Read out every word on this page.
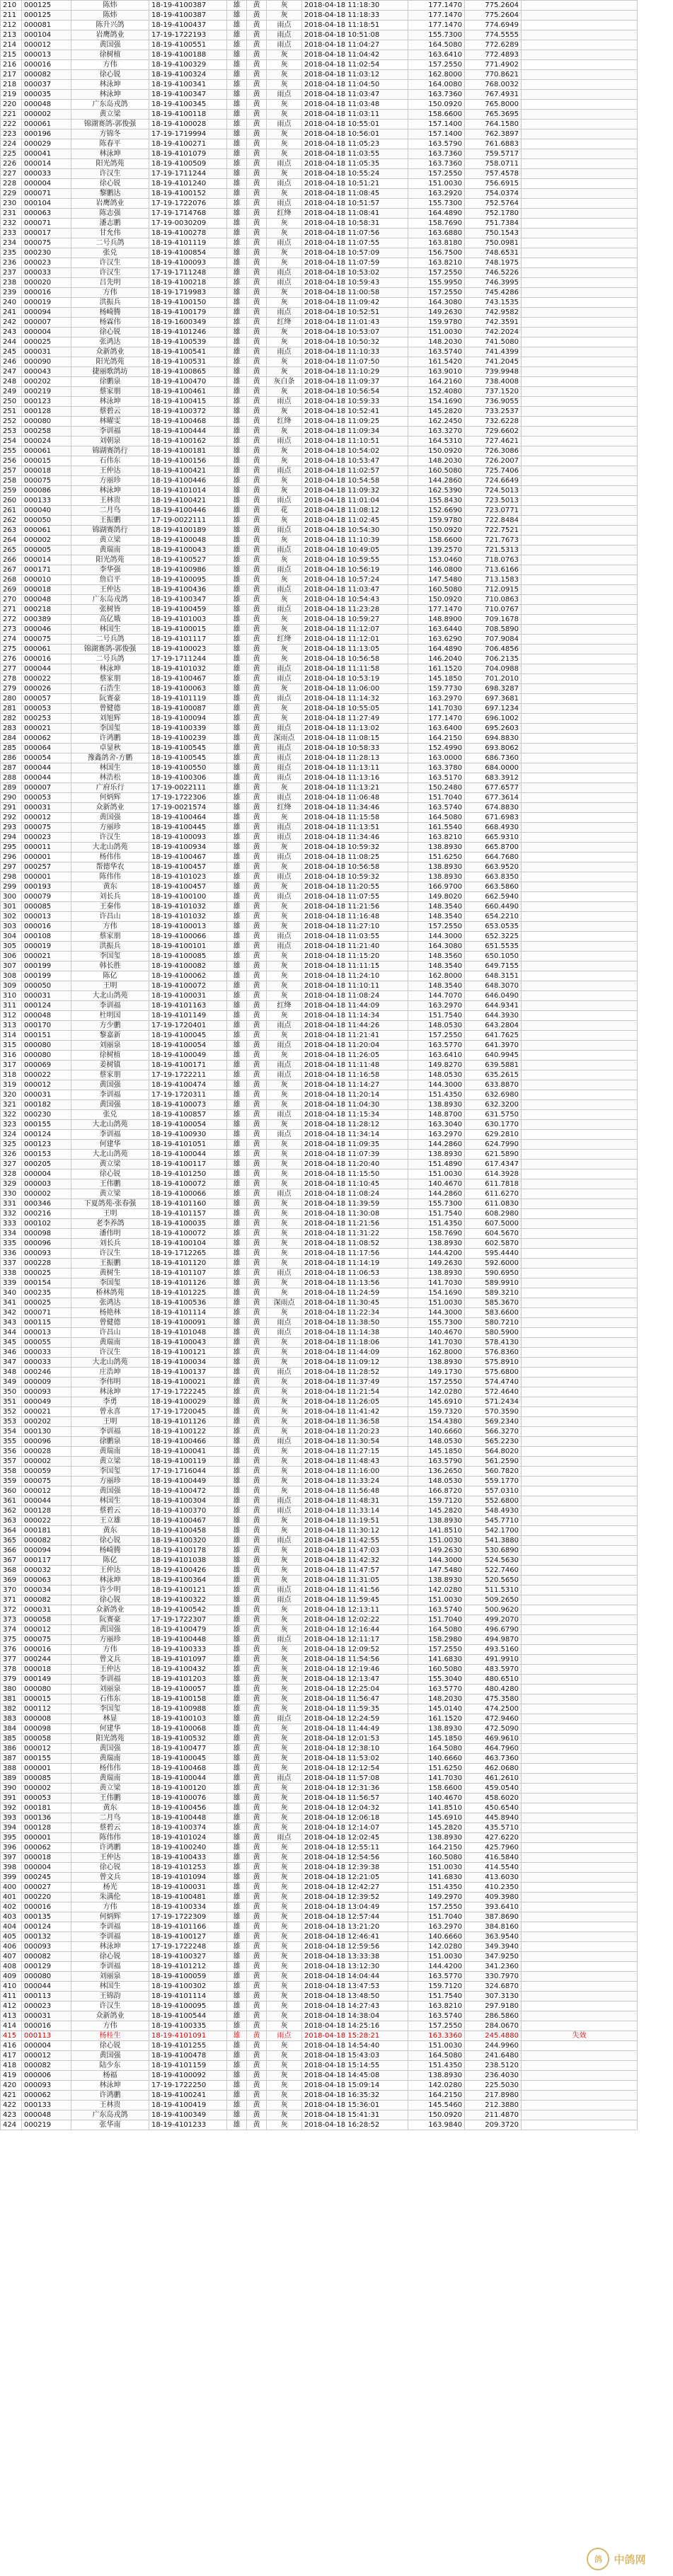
210	000125	陈炜	18-19-4100387	雄	黄	灰	2018-04-18 11:18:30	177.1470	775.2604	
211	000125	陈炜	18-19-4100387	雄	黄	灰	2018-04-18 11:18:33	177.1470	775.2604	
212	000081	陈升兴鸽	18-19-4100437	雄	黄	雨点	2018-04-18 11:18:51	177.1470	774.6949	
213	000104	岩鹰鸽业	17-19-1722193	雄	黄	雨点	2018-04-18 10:51:08	155.7300	774.5555	
214	000012	黄国强	18-19-4100551	雄	黄	雨点	2018-04-18 11:04:27	164.5080	772.6289	
215	000013	徐树植	18-19-4100188	雄	黄	灰	2018-04-18 11:04:42	163.6410	772.4893	
216	000016	方伟	18-19-4100329	雄	黄	灰	2018-04-18 11:02:54	157.2550	771.4902	
217	000082	徐心锐	18-19-4100324	雄	黄	灰	2018-04-18 11:03:12	162.8000	770.8621	
218	000037	林泳坤	18-19-4100341	雄	黄	灰	2018-04-18 11:04:50	164.0080	768.0032	
219	000035	林泳坤	18-19-4100347	雄	黄	雨点	2018-04-18 11:03:47	163.7360	767.4931	
220	000048	广东岛戎鸽	18-19-4100345	雄	黄	灰	2018-04-18 11:03:48	150.0920	765.8000	
221	000002	黄立梁	18-19-4100118	雄	黄	灰	2018-04-18 11:03:11	158.6600	765.3695	
222	000061	锦湖赛鸽-郭俊强	18-19-4100028	雄	黄	雨点	2018-04-18 10:55:01	157.1400	764.1580	
223	000196	方锦冬	17-19-1719994	雄	黄	灰	2018-04-18 10:56:01	157.1400	762.3897	
224	000029	陈春平	18-19-4100271	雄	黄	灰	2018-04-18 11:05:23	163.5790	761.6883	
225	000041	林泳坤	18-19-4101079	雄	黄	灰	2018-04-18 11:03:55	163.7360	759.5717	
226	000014	阳光鸽苑	18-19-4100509	雄	黄	雨点	2018-04-18 11:05:35	163.7360	758.0711	
227	000033	许汉生	17-19-1711244	雄	黄	灰	2018-04-18 10:55:24	157.2550	757.4578	
228	000004	徐心锐	18-19-4101240	雄	黄	雨点	2018-04-18 10:51:21	151.0030	756.6915	
229	000071	黎鹏达	18-19-4100152	雄	黄	灰	2018-04-18 11:08:45	163.2920	754.0374	
230	000104	岩鹰鸽业	17-19-1722076	雄	黄	雨点	2018-04-18 10:51:57	155.7300	752.5764	
231	000063	陈志强	17-19-1714768	雄	黄	红绛	2018-04-18 11:08:41	164.4890	752.1780	
232	000071	潘志鹏	17-19-0030209	雄	黄	灰	2018-04-18 10:58:31	158.7690	751.7384	
233	000017	甘允伟	18-19-4100278	雄	黄	灰	2018-04-18 11:07:56	163.6880	750.1543	
234	000075	二号兵鸽	18-19-4101119	雄	黄	雨点	2018-04-18 11:07:55	163.8180	750.0981	
235	000230	张兑	18-19-4100854	雄	黄	灰	2018-04-18 10:57:09	156.7500	748.6531	
236	000023	许汉生	18-19-4100093	雄	黄	灰	2018-04-18 11:07:59	163.8210	748.1975	
237	000033	许汉生	17-19-1711248	雄	黄	雨点	2018-04-18 10:53:02	157.2550	746.5226	
238	000020	吕先明	18-19-4100218	雄	黄	雨点	2018-04-18 10:59:43	155.9950	746.3995	
239	000016	方伟	18-19-1719983	雄	黄	灰	2018-04-18 11:00:58	157.2550	745.4286	
240	000019	洪振兵	18-19-4100150	雄	黄	灰	2018-04-18 11:09:42	164.3080	743.1535	
241	000094	杨崎腾	18-19-4100179	雄	黄	雨点	2018-04-18 10:52:51	149.2630	742.9582	
242	000007	杨霖伟	18-19-1600349	雄	黄	红绛	2018-04-18 11:01:43	159.9780	742.3591	
243	000004	徐心锐	18-19-4101246	雄	黄	灰	2018-04-18 10:53:07	151.0030	742.2024	
244	000025	张鸿达	18-19-4100539	雄	黄	灰	2018-04-18 10:50:32	148.2030	741.5080	
245	000031	众新鸽业	18-19-4100541	雄	黄	雨点	2018-04-18 11:10:33	163.5740	741.4399	
246	000090	阳光鸽苑	18-19-4100531	雄	黄	灰	2018-04-18 11:07:50	161.5420	741.2045	
247	000043	捷丽歌鸽坊	18-19-4100865	雄	黄	灰	2018-04-18 11:10:29	163.9010	739.9948	
248	000202	徐鹏泉	18-19-4100470	雄	黄	灰白条	2018-04-18 11:09:37	164.2160	738.4008	
249	000219	蔡家朋	18-19-4100461	雄	黄	灰	2018-04-18 10:56:54	152.4080	737.1520	
250	000123	林泳坤	18-19-4100415	雄	黄	雨点	2018-04-18 10:59:33	154.1690	736.9055	
251	000128	蔡碧云	18-19-4100372	雄	黄	灰	2018-04-18 10:52:41	145.2820	733.2537	
252	000080	林曜雯	18-19-4100468	雄	黄	红绛	2018-04-18 11:09:25	162.2450	732.6228	
253	000258	李训福	18-19-4100444	雄	黄	灰	2018-04-18 11:09:34	163.3270	729.6602	
254	000024	刘朝泉	18-19-4100162	雄	黄	雨点	2018-04-18 11:10:51	164.5310	727.4621	
255	000061	锦湖赛鸽行	18-19-4100181	雄	黄	灰	2018-04-18 10:54:02	150.0920	726.3086	
256	000015	石伟东	18-19-4100156	雄	黄	灰	2018-04-18 10:53:47	148.2030	726.2007	
257	000018	王仲达	18-19-4100421	雄	黄	雨点	2018-04-18 11:02:57	160.5080	725.7406	
258	000075	方丽珍	18-19-4100446	雄	黄	灰	2018-04-18 10:54:58	144.2860	724.6649	
259	000086	林泳坤	18-19-4101014	雄	黄	灰	2018-04-18 11:09:32	162.5390	724.5013	
260	000133	王林贵	18-19-4100421	雄	黄	雨点	2018-04-18 11:01:04	155.8430	723.5013	
261	000040	二月鸟	18-19-4100446	雄	黄	花	2018-04-18 11:08:12	152.6690	723.0771	
262	000050	王振鹏	17-19-0022111	雄	黄	灰	2018-04-18 11:02:45	159.9780	722.8484	
263	000061	锦湖赛鸽行	18-19-4100189	雄	黄	雨点	2018-04-18 10:54:30	150.0920	722.7521	
264	000002	黄立梁	18-19-4100048	雄	黄	灰	2018-04-18 11:10:39	158.6600	721.7673	
265	000005	黄瑞南	18-19-4100043	雄	黄	雨点	2018-04-18 10:49:05	139.2570	721.5313	
266	000014	阳光鸽苑	18-19-4100527	雄	黄	灰	2018-04-18 10:59:55	153.0460	718.0763	
267	000171	李华强	18-19-4100986	雄	黄	雨点	2018-04-18 10:56:19	146.0800	713.6166	
268	000010	詹启平	18-19-4100095	雄	黄	灰	2018-04-18 10:57:24	147.5480	713.1583	
269	000018	王仲达	18-19-4100436	雄	黄	雨点	2018-04-18 11:03:47	160.5080	712.0915	
270	000048	广东岛戎鸽	18-19-4100347	雄	黄	灰	2018-04-18 10:54:43	150.0920	710.0863	
271	000218	张树皆	18-19-4100459	雄	黄	雨点	2018-04-18 11:23:28	177.1470	710.0767	
272	000389	高亿娥	18-19-4101003	雄	黄	灰	2018-04-18 10:59:27	148.8900	709.1678	
273	000046	林国生	18-19-4100015	雄	黄	灰	2018-04-18 11:12:07	163.6440	708.5890	
274	000075	二号兵鸽	18-19-4101117	雄	黄	红绛	2018-04-18 11:12:01	163.6290	707.9084	
275	000061	锦湖赛鸽-郭俊强	18-19-4100023	雄	黄	灰	2018-04-18 11:13:05	164.4890	706.4856	
276	000016	二号兵鸽	17-19-1711244	雄	黄	灰	2018-04-18 10:56:58	146.2040	706.2135	
277	000044	林泳坤	18-19-4101032	雄	黄	雨点	2018-04-18 11:11:58	161.1520	704.0988	
278	000022	蔡家朋	18-19-4100467	雄	黄	雨点	2018-04-18 10:53:19	145.1850	701.2010	
279	000026	石浩生	18-19-4100063	雄	黄	灰	2018-04-18 11:06:00	159.7730	698.3287	
280	000057	阮赛豪	18-19-4101119	雄	黄	雨点	2018-04-18 11:14:32	163.2970	697.3681	
281	000053	曾健德	18-19-4100087	雄	黄	灰	2018-04-18 10:55:05	141.7030	697.1234	
282	000253	刘旭辉	18-19-4100094	雄	黄	灰	2018-04-18 11:27:49	177.1470	696.1002	
283	000021	李国玺	18-19-4100339	雄	黄	雨点	2018-04-18 11:13:02	163.6400	695.2603	
284	000062	许鸿鹏	18-19-4100239	雄	黄	深雨点	2018-04-18 11:08:15	164.2150	694.8830	
285	000064	卓显秋	18-19-4100545	雄	黄	雨点	2018-04-18 10:58:33	152.4990	693.8062	
286	000054	豫鑫鸽舍-方鹏	18-19-4100545	雄	黄	雨点	2018-04-18 11:28:13	163.0000	686.7360	
287	000044	林国生	18-19-4100550	雄	黄	雨点	2018-04-18 11:13:11	163.3780	684.0000	
288	000044	林浩松	18-19-4100306	雄	黄	雨点	2018-04-18 11:13:16	163.5170	683.3912	
289	000007	广府乐行	17-19-0022111	雄	黄	灰	2018-04-18 11:13:21	150.2480	677.6577	
290	000053	何炳辉	17-19-1722306	雄	黄	雨点	2018-04-18 11:06:48	151.7040	677.3614	
291	000031	众新鸽业	17-19-0021574	雄	黄	红绛	2018-04-18 11:34:46	163.5740	674.8830	
292	000012	黄国强	18-19-4100464	雄	黄	灰	2018-04-18 11:15:58	164.5080	671.6983	
293	000075	方丽珍	18-19-4100445	雄	黄	雨点	2018-04-18 11:13:51	161.5540	668.4930	
294	000023	许汉生	18-19-4100093	雄	黄	雨点	2018-04-18 11:34:46	163.8210	665.9310	
295	000011	大北山鸽苑	18-19-4100934	雄	黄	灰	2018-04-18 10:59:32	138.8930	665.8700	
296	000001	杨伟伟	18-19-4100467	雄	黄	雨点	2018-04-18 11:08:25	151.6250	664.7680	
297	000257	帮德华农	18-19-4100457	雄	黄	灰	2018-04-18 10:56:58	138.8930	663.9520	
298	000001	陈伟伟	18-19-4101023	雄	黄	雨点	2018-04-18 10:59:32	138.8930	663.8350	
299	000193	黄东	18-19-4100457	雄	黄	灰	2018-04-18 11:20:55	166.9700	663.5860	
300	000079	刘长兵	18-19-4100100	雄	黄	雨点	2018-04-18 11:07:55	149.8020	662.5940	
301	000085	王秦伟	18-19-4101032	雄	黄	灰	2018-04-18 11:21:56	148.3540	660.4490	
302	000013	许昌山	18-19-4101032	雄	黄	灰	2018-04-18 11:16:48	148.3540	654.2210	
303	000016	方伟	18-19-4100013	雄	黄	灰	2018-04-18 11:27:10	157.2550	653.0535	
304	000108	蔡家朋	18-19-4100066	雄	黄	雨点	2018-04-18 11:03:55	144.3000	652.3225	
305	000019	洪振兵	18-19-4100101	雄	黄	雨点	2018-04-18 11:21:40	164.3080	651.5535	
306	000021	李国玺	18-19-4100085	雄	黄	灰	2018-04-18 11:15:20	148.3560	650.1050	
307	000199	韩长胜	18-19-4100082	雄	黄	灰	2018-04-18 11:11:15	148.3540	649.7155	
308	000199	陈亿	18-19-4100062	雄	黄	灰	2018-04-18 11:24:10	162.8000	648.3151	
309	000050	王明	18-19-4100072	雄	黄	灰	2018-04-18 11:10:11	148.3540	648.3070	
310	000031	大北山鸽苑	18-19-4100031	雄	黄	灰	2018-04-18 11:08:24	144.7070	646.0490	
311	000124	李训福	18-19-4101163	雄	黄	红绛	2018-04-18 11:44:09	163.2970	644.9341	
312	000048	杜明国	18-19-4101149	雄	黄	灰	2018-04-18 11:14:34	151.7540	644.3930	
313	000170	方少鹏	17-19-1720401	雄	黄	雨点	2018-04-18 11:44:26	148.0530	643.2804	
314	000151	黎嘉新	18-19-4100045	雄	黄	灰	2018-04-18 11:21:41	157.2550	641.7625	
315	000080	刘丽泉	18-19-4100054	雄	黄	雨点	2018-04-18 11:20:04	163.5770	641.3970	
316	000080	徐树植	18-19-4100049	雄	黄	灰	2018-04-18 11:26:05	163.6410	640.9945	
317	000069	姜树镇	18-19-4100171	雄	黄	雨点	2018-04-18 11:11:48	149.8270	639.5881	
318	000022	蔡家朋	17-19-1722211	雄	黄	雨点	2018-04-18 11:16:58	148.0530	635.2615	
319	000012	黄国强	18-19-4100474	雄	黄	灰	2018-04-18 11:14:27	144.3000	633.8870	
320	000031	李训福	17-19-1720311	雄	黄	灰	2018-04-18 11:20:14	151.4350	632.6980	
321	000182	黄国强	18-19-4100073	雄	黄	灰	2018-04-18 11:04:30	138.8930	632.3200	
322	000230	张兑	18-19-4100857	雄	黄	雨点	2018-04-18 11:15:34	148.8700	631.5750	
323	000155	大北山鸽苑	18-19-4100054	雄	黄	灰	2018-04-18 11:28:12	163.3040	630.1770	
324	000124	李训福	18-19-4100930	雄	黄	雨点	2018-04-18 11:34:14	163.2970	629.2810	
325	000123	何建华	18-19-4101051	雄	黄	灰	2018-04-18 11:09:35	144.2860	624.7990	
326	000153	大北山鸽苑	18-19-4100044	雄	黄	灰	2018-04-18 11:07:39	138.8930	621.5890	
327	000205	黄立梁	18-19-4100117	雄	黄	灰	2018-04-18 11:20:40	151.4890	617.4347	
328	000004	徐心锐	18-19-4101250	雄	黄	灰	2018-04-18 11:15:50	151.0030	614.3928	
329	000003	王伟鹏	18-19-4100072	雄	黄	灰	2018-04-18 11:10:45	140.4670	611.7818	
330	000002	黄立梁	18-19-4100066	雄	黄	雨点	2018-04-18 11:08:24	144.2860	611.6270	
331	000346	下夏鸽苑-张春强	18-19-4101160	雄	黄	灰	2018-04-18 11:39:59	155.7300	611.0830	
332	000216	王明	18-19-4101157	雄	黄	灰	2018-04-18 11:30:08	151.7540	608.2980	
333	000102	老李养鸽	18-19-4100035	雄	黄	灰	2018-04-18 11:21:56	151.4350	607.5000	
334	000098	潘伟明	18-19-4100072	雄	黄	灰	2018-04-18 11:31:22	158.7690	604.5670	
335	000096	刘长兵	18-19-4100104	雄	黄	灰	2018-04-18 11:08:52	138.8930	602.5870	
336	000093	许汉生	18-19-1712265	雄	黄	灰	2018-04-18 11:17:56	144.4200	595.4440	
337	000228	王振鹏	18-19-4101120	雄	黄	灰	2018-04-18 11:14:19	149.2630	592.6000	
338	000025	黄树生	18-19-4101107	雄	黄	雨点	2018-04-18 11:06:53	138.8930	590.6950	
339	000154	李国玺	18-19-4101126	雄	黄	灰	2018-04-18 11:13:56	141.7030	589.9910	
340	000235	桥林鸽苑	18-19-4101225	雄	黄	灰	2018-04-18 11:24:59	154.1690	589.3210	
341	000025	张鸿达	18-19-4100536	雄	黄	深雨点	2018-04-18 11:30:45	151.0030	585.3670	
342	000071	杨艳林	18-19-4101114	雄	黄	灰	2018-04-18 11:22:34	144.3000	583.6600	
343	000115	曾健德	18-19-4100091	雄	黄	雨点	2018-04-18 11:38:50	155.7300	580.7210	
344	000013	许昌山	18-19-4101048	雄	黄	雨点	2018-04-18 11:14:38	140.4670	580.5900	
345	000055	黄瑞南	18-19-4100043	雄	黄	灰	2018-04-18 11:18:06	141.7030	578.4130	
346	000033	许汉生	18-19-4100121	雄	黄	灰	2018-04-18 11:44:09	162.8000	576.8360	
347	000033	大北山鸽苑	18-19-4100034	雄	黄	灰	2018-04-18 11:09:12	138.8930	575.8910	
348	000246	庄浩坤	18-19-4100137	雄	黄	雨点	2018-04-18 11:28:52	149.1730	575.6800	
349	000009	李伟明	18-19-4100021	雄	黄	灰	2018-04-18 11:37:49	157.2550	574.4740	
350	000093	林泳坤	17-19-1722245	雄	黄	灰	2018-04-18 11:21:54	142.0280	572.4640	
351	000049	李勇	18-19-4100029	雄	黄	灰	2018-04-18 11:26:05	145.6910	571.2434	
352	000021	曾永喜	17-19-1720045	雄	黄	灰	2018-04-18 11:41:42	159.7320	570.3590	
353	000202	王明	18-19-4101126	雄	黄	灰	2018-04-18 11:36:58	154.4380	569.2340	
354	000130	李训福	18-19-4100122	雄	黄	灰	2018-04-18 11:20:23	140.6660	566.3270	
355	000096	徐鹏泉	18-19-4100466	雄	黄	雨点	2018-04-18 11:30:54	148.0530	565.2230	
356	000028	黄瑞南	18-19-4100041	雄	黄	灰	2018-04-18 11:27:15	145.1850	564.8020	
357	000002	黄立梁	18-19-4100119	雄	黄	灰	2018-04-18 11:48:43	163.5790	561.2590	
358	000059	李国玺	17-19-1716044	雄	黄	灰	2018-04-18 11:16:00	136.2650	560.7820	
359	000075	方丽珍	18-19-4100449	雄	黄	灰	2018-04-18 11:33:24	148.0530	559.1770	
360	000012	黄国强	18-19-4100472	雄	黄	灰	2018-04-18 11:56:48	166.8720	557.0310	
361	000044	林国生	18-19-4100304	雄	黄	雨点	2018-04-18 11:48:31	159.7120	552.6800	
362	000128	蔡碧云	18-19-4100370	雄	黄	雨点	2018-04-18 11:33:14	145.2820	548.4930	
363	000022	王立雄	18-19-4100467	雄	黄	灰	2018-04-18 11:19:51	138.8930	545.7710	
364	000181	黄东	18-19-4100458	雄	黄	灰	2018-04-18 11:30:12	141.8510	542.1700	
365	000082	徐心锐	18-19-4100320	雄	黄	雨点	2018-04-18 11:42:55	151.0030	541.3880	
366	000094	杨崎腾	18-19-4100178	雄	黄	灰	2018-04-18 11:47:03	149.2630	530.6890	
367	000117	陈亿	18-19-4101038	雄	黄	灰	2018-04-18 11:42:32	144.3000	524.5630	
368	000032	王仲达	18-19-4100426	雄	黄	灰	2018-04-18 11:47:57	147.5480	522.7460	
369	000063	林泳坤	18-19-4100364	雄	黄	灰	2018-04-18 11:31:05	138.8930	520.5650	
370	000034	许少明	18-19-4100121	雄	黄	雨点	2018-04-18 11:41:56	142.0280	511.5310	
371	000082	徐心锐	18-19-4100322	雄	黄	雨点	2018-04-18 11:59:45	151.0030	509.2650	
372	000031	众新鸽业	18-19-4100542	雄	黄	灰	2018-04-18 12:13:11	163.5740	500.9620	
373	000058	阮赛豪	17-19-1722307	雄	黄	灰	2018-04-18 12:02:22	151.7040	499.2070	
374	000012	黄国强	18-19-4100479	雄	黄	灰	2018-04-18 12:16:44	164.5080	496.6790	
375	000075	方丽珍	18-19-4100448	雄	黄	雨点	2018-04-18 12:11:17	158.2980	494.9870	
376	000016	方伟	18-19-4100333	雄	黄	灰	2018-04-18 12:09:52	157.2550	493.5160	
377	000244	曾文兵	18-19-4101097	雄	黄	灰	2018-04-18 11:54:56	141.6830	491.9910	
378	000018	王仲达	18-19-4100432	雄	黄	灰	2018-04-18 12:19:46	160.5080	483.5970	
379	000149	李训福	18-19-4101203	雄	黄	灰	2018-04-18 12:13:47	155.3040	480.6510	
380	000080	刘丽泉	18-19-4100057	雄	黄	灰	2018-04-18 12:25:04	163.5770	480.4280	
381	000015	石伟东	18-19-4100158	雄	黄	灰	2018-04-18 11:56:47	148.2030	475.3580	
382	000112	李国玺	18-19-4100988	雄	黄	灰	2018-04-18 11:59:35	145.0140	474.2500	
383	000008	林显	18-19-4100103	雄	黄	雨点	2018-04-18 12:24:59	161.1520	472.9460	
384	000098	何建华	18-19-4100068	雄	黄	灰	2018-04-18 11:44:49	138.8930	472.5090	
385	000058	阳光鸽苑	18-19-4100532	雄	黄	灰	2018-04-18 12:01:53	145.1850	469.9610	
386	000012	黄国强	18-19-4100477	雄	黄	灰	2018-04-18 12:38:10	164.5080	464.7960	
387	000155	黄瑞南	18-19-4100045	雄	黄	灰	2018-04-18 11:53:02	140.6660	463.7360	
388	000001	杨伟伟	18-19-4100468	雄	黄	灰	2018-04-18 12:12:54	151.6250	462.0680	
389	000085	黄瑞南	18-19-4100044	雄	黄	雨点	2018-04-18 11:57:08	141.7030	461.2610	
390	000002	黄立梁	18-19-4100120	雄	黄	灰	2018-04-18 12:31:36	158.6600	459.0540	
391	000053	王伟鹏	18-19-4100076	雄	黄	灰	2018-04-18 11:56:57	140.4670	458.6020	
392	000181	黄东	18-19-4100456	雄	黄	灰	2018-04-18 12:04:32	141.8510	450.6540	
393	000136	二月鸟	18-19-4100448	雄	黄	灰	2018-04-18 12:06:18	145.6910	445.8940	
394	000128	蔡碧云	18-19-4100374	雄	黄	灰	2018-04-18 12:14:07	145.2820	435.5710	
395	000001	陈伟伟	18-19-4101024	雄	黄	雨点	2018-04-18 12:02:45	138.8930	427.6220	
396	000062	许鸿鹏	18-19-4100240	雄	黄	灰	2018-04-18 12:55:11	164.2150	425.7960	
397	000018	王仲达	18-19-4100433	雄	黄	灰	2018-04-18 12:54:56	160.5080	416.5840	
398	000004	徐心锐	18-19-4101253	雄	黄	灰	2018-04-18 12:39:38	151.0030	414.5540	
399	000245	曾文兵	18-19-4101094	雄	黄	灰	2018-04-18 12:21:05	141.6830	413.6030	
400	000027	杨光	18-19-4100031	雄	黄	灰	2018-04-18 12:42:27	151.4350	410.2350	
401	000220	朱满伦	18-19-4100481	雄	黄	灰	2018-04-18 12:39:52	149.2970	409.3980	
402	000016	方伟	18-19-4100334	雄	黄	灰	2018-04-18 13:04:49	157.2550	393.6410	
403	000135	何炳辉	17-19-1722309	雄	黄	灰	2018-04-18 12:57:44	151.7040	387.8690	
404	000124	李训福	18-19-4101166	雄	黄	灰	2018-04-18 13:21:20	163.2970	384.8160	
405	000132	李训福	18-19-4100127	雄	黄	灰	2018-04-18 12:46:41	140.6660	363.9540	
406	000093	林泳坤	17-19-1722248	雄	黄	灰	2018-04-18 12:59:56	142.0280	349.3940	
407	000082	徐心锐	18-19-4100327	雄	黄	灰	2018-04-18 13:33:38	151.0030	347.9250	
408	000129	李训福	18-19-4101212	雄	黄	灰	2018-04-18 13:12:30	144.4200	341.2360	
409	000080	刘丽泉	18-19-4100059	雄	黄	灰	2018-04-18 14:04:44	163.5770	330.7970	
410	000044	林国生	18-19-4100302	雄	黄	灰	2018-04-18 13:47:53	159.7120	324.6870	
411	000113	王锦韵	18-19-4101114	雄	黄	灰	2018-04-18 13:48:50	151.7540	307.3130	
412	000023	许汉生	18-19-4100095	雄	黄	灰	2018-04-18 14:27:43	163.8210	297.9180	
413	000031	众新鸽业	18-19-4100544	雄	黄	灰	2018-04-18 14:38:04	163.5740	286.5860	
414	000016	方伟	18-19-4100335	雄	黄	灰	2018-04-18 14:25:16	157.2550	284.0670	
415	000113	杨桂生	18-19-4101091	雄	黄	雨点	2018-04-18 15:28:21	163.3360	245.4880	失效
416	000004	徐心锐	18-19-4101255	雄	黄	灰	2018-04-18 14:54:40	151.0030	244.9960	
417	000012	黄国强	18-19-4100478	雄	黄	灰	2018-04-18 15:43:03	164.5080	241.6480	
418	000082	陆少东	18-19-4101159	雄	黄	灰	2018-04-18 15:14:55	151.4350	238.5120	
419	000006	杨福	18-19-4100092	雄	黄	灰	2018-04-18 14:45:08	138.8930	236.4030	
420	000093	林泳坤	17-19-1722250	雄	黄	灰	2018-04-18 15:09:14	142.0280	225.5030	
421	000062	许鸿鹏	18-19-4100241	雄	黄	灰	2018-04-18 16:35:32	164.2150	217.8980	
422	000133	王林贵	18-19-4100419	雄	黄	灰	2018-04-18 15:36:01	145.5460	212.3880	
423	000048	广东岛戎鸽	18-19-4100349	雄	黄	灰	2018-04-18 15:41:31	150.0920	211.4870	
424	000219	张华南	18-19-4101233	雄	黄	灰	2018-04-18 16:28:52	163.9840	209.3720	
鸽	中鸽网
